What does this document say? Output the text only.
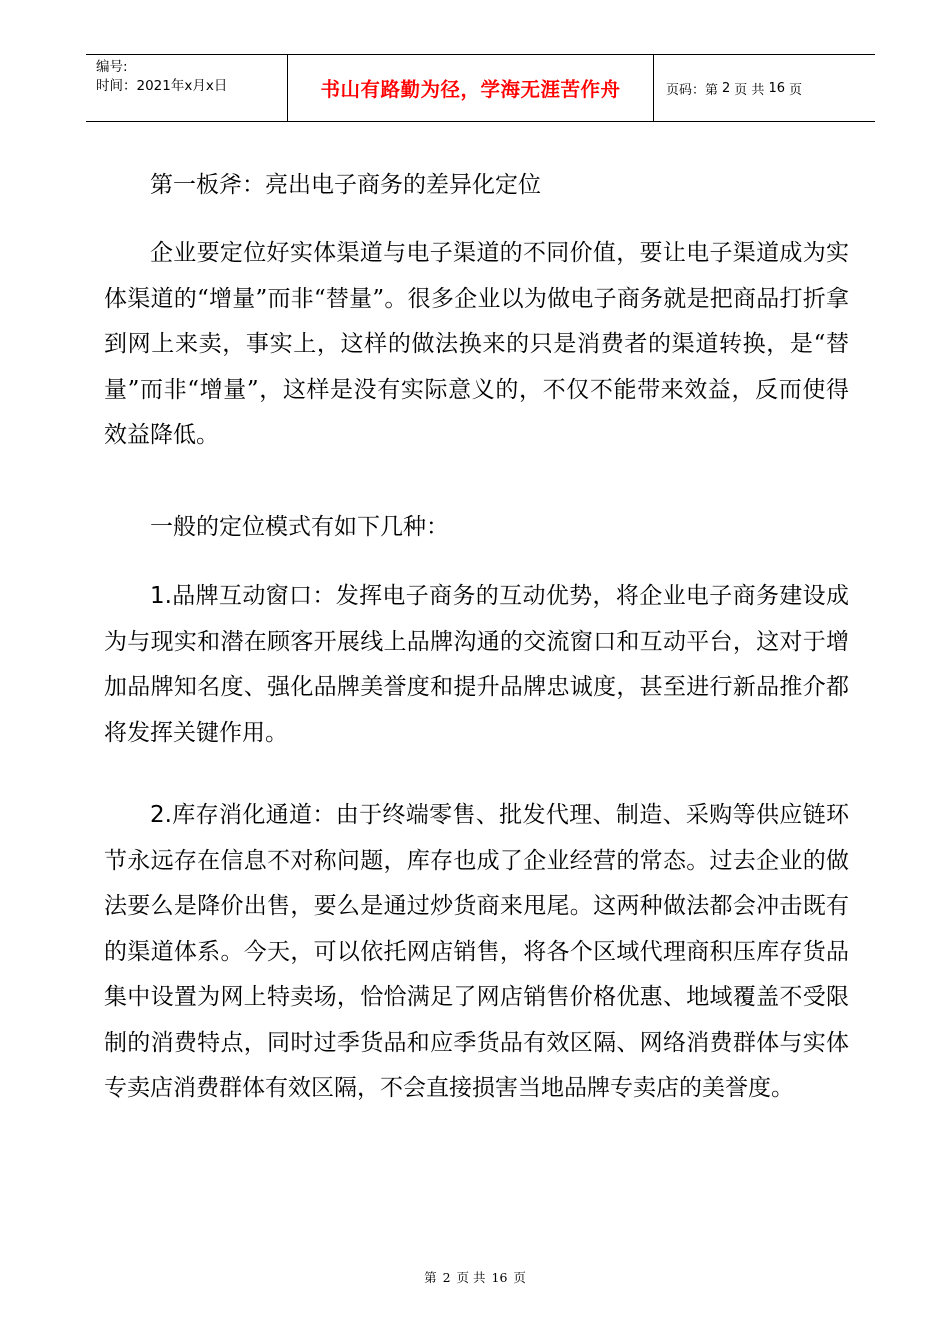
编号:
时间：2021年x月x日	书山有路勤为径，学海无涯苦作舟	页码：第 2 页 共 16 页

第一板斧：亮出电子商务的差异化定位

企业要定位好实体渠道与电子渠道的不同价值，要让电子渠道成为实体渠道的“增量”而非“替量”。很多企业以为做电子商务就是把商品打折拿到网上来卖，事实上，这样的做法换来的只是消费者的渠道转换，是“替量”而非“增量”，这样是没有实际意义的，不仅不能带来效益，反而使得效益降低。

一般的定位模式有如下几种：

1.品牌互动窗口：发挥电子商务的互动优势，将企业电子商务建设成为与现实和潜在顾客开展线上品牌沟通的交流窗口和互动平台，这对于增加品牌知名度、强化品牌美誉度和提升品牌忠诚度，甚至进行新品推介都将发挥关键作用。

2.库存消化通道：由于终端零售、批发代理、制造、采购等供应链环节永远存在信息不对称问题，库存也成了企业经营的常态。过去企业的做法要么是降价出售，要么是通过炒货商来甩尾。这两种做法都会冲击既有的渠道体系。今天，可以依托网店销售，将各个区域代理商积压库存货品集中设置为网上特卖场，恰恰满足了网店销售价格优惠、地域覆盖不受限制的消费特点，同时过季货品和应季货品有效区隔、网络消费群体与实体专卖店消费群体有效区隔，不会直接损害当地品牌专卖店的美誉度。

第 2 页 共 16 页
